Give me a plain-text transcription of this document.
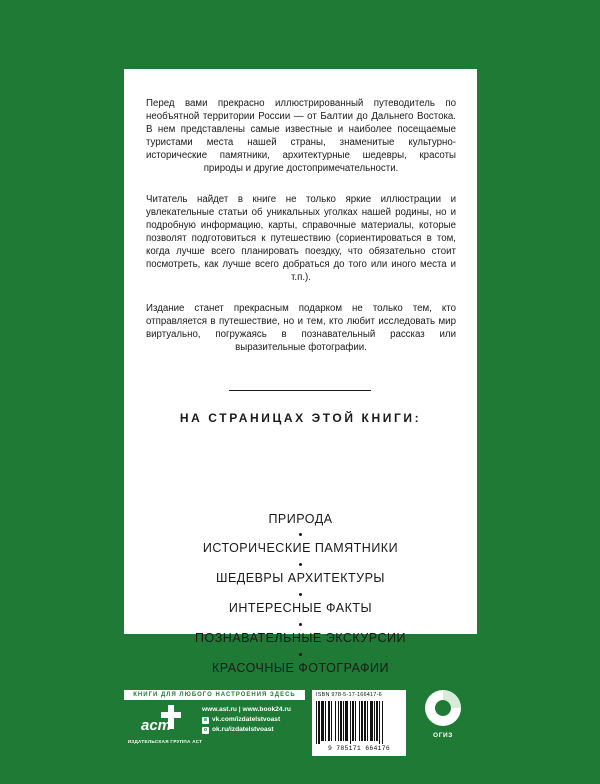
Перед вами прекрасно иллюстрированный путеводитель по необъятной территории России — от Балтии до Дальнего Востока. В нем представлены самые известные и наиболее посещаемые туристами места нашей страны, знаменитые культурно-исторические памятники, архитектурные шедевры, красоты природы и другие достопримечательности.

Читатель найдет в книге не только яркие иллюстрации и увлекательные статьи об уникальных уголках нашей родины, но и подробную информацию, карты, справочные материалы, которые позволят подготовиться к путешествию (сориентироваться в том, когда лучше всего планировать поездку, что обязательно стоит посмотреть, как лучше всего добраться до того или иного места и т.п.).

Издание станет прекрасным подарком не только тем, кто отправляется в путешествие, но и тем, кто любит исследовать мир виртуально, погружаясь в познавательный рассказ или выразительные фотографии.

НА СТРАНИЦАХ ЭТОЙ КНИГИ:
ПРИРОДА
ИСТОРИЧЕСКИЕ ПАМЯТНИКИ
ШЕДЕВРЫ АРХИТЕКТУРЫ
ИНТЕРЕСНЫЕ ФАКТЫ
ПОЗНАВАТЕЛЬНЫЕ ЭКСКУРСИИ
КРАСОЧНЫЕ ФОТОГРАФИИ
КНИГИ ДЛЯ ЛЮБОГО НАСТРОЕНИЯ ЗДЕСЬ
аст
ИЗДАТЕЛЬСКАЯ ГРУППА АСТ
www.ast.ru | www.book24.ru
в vk.com/izdatelstvoast
о ok.ru/izdatelstvoast
ISBN 978-5-17-166417-6
9 785171 664176
ОГИЗ
